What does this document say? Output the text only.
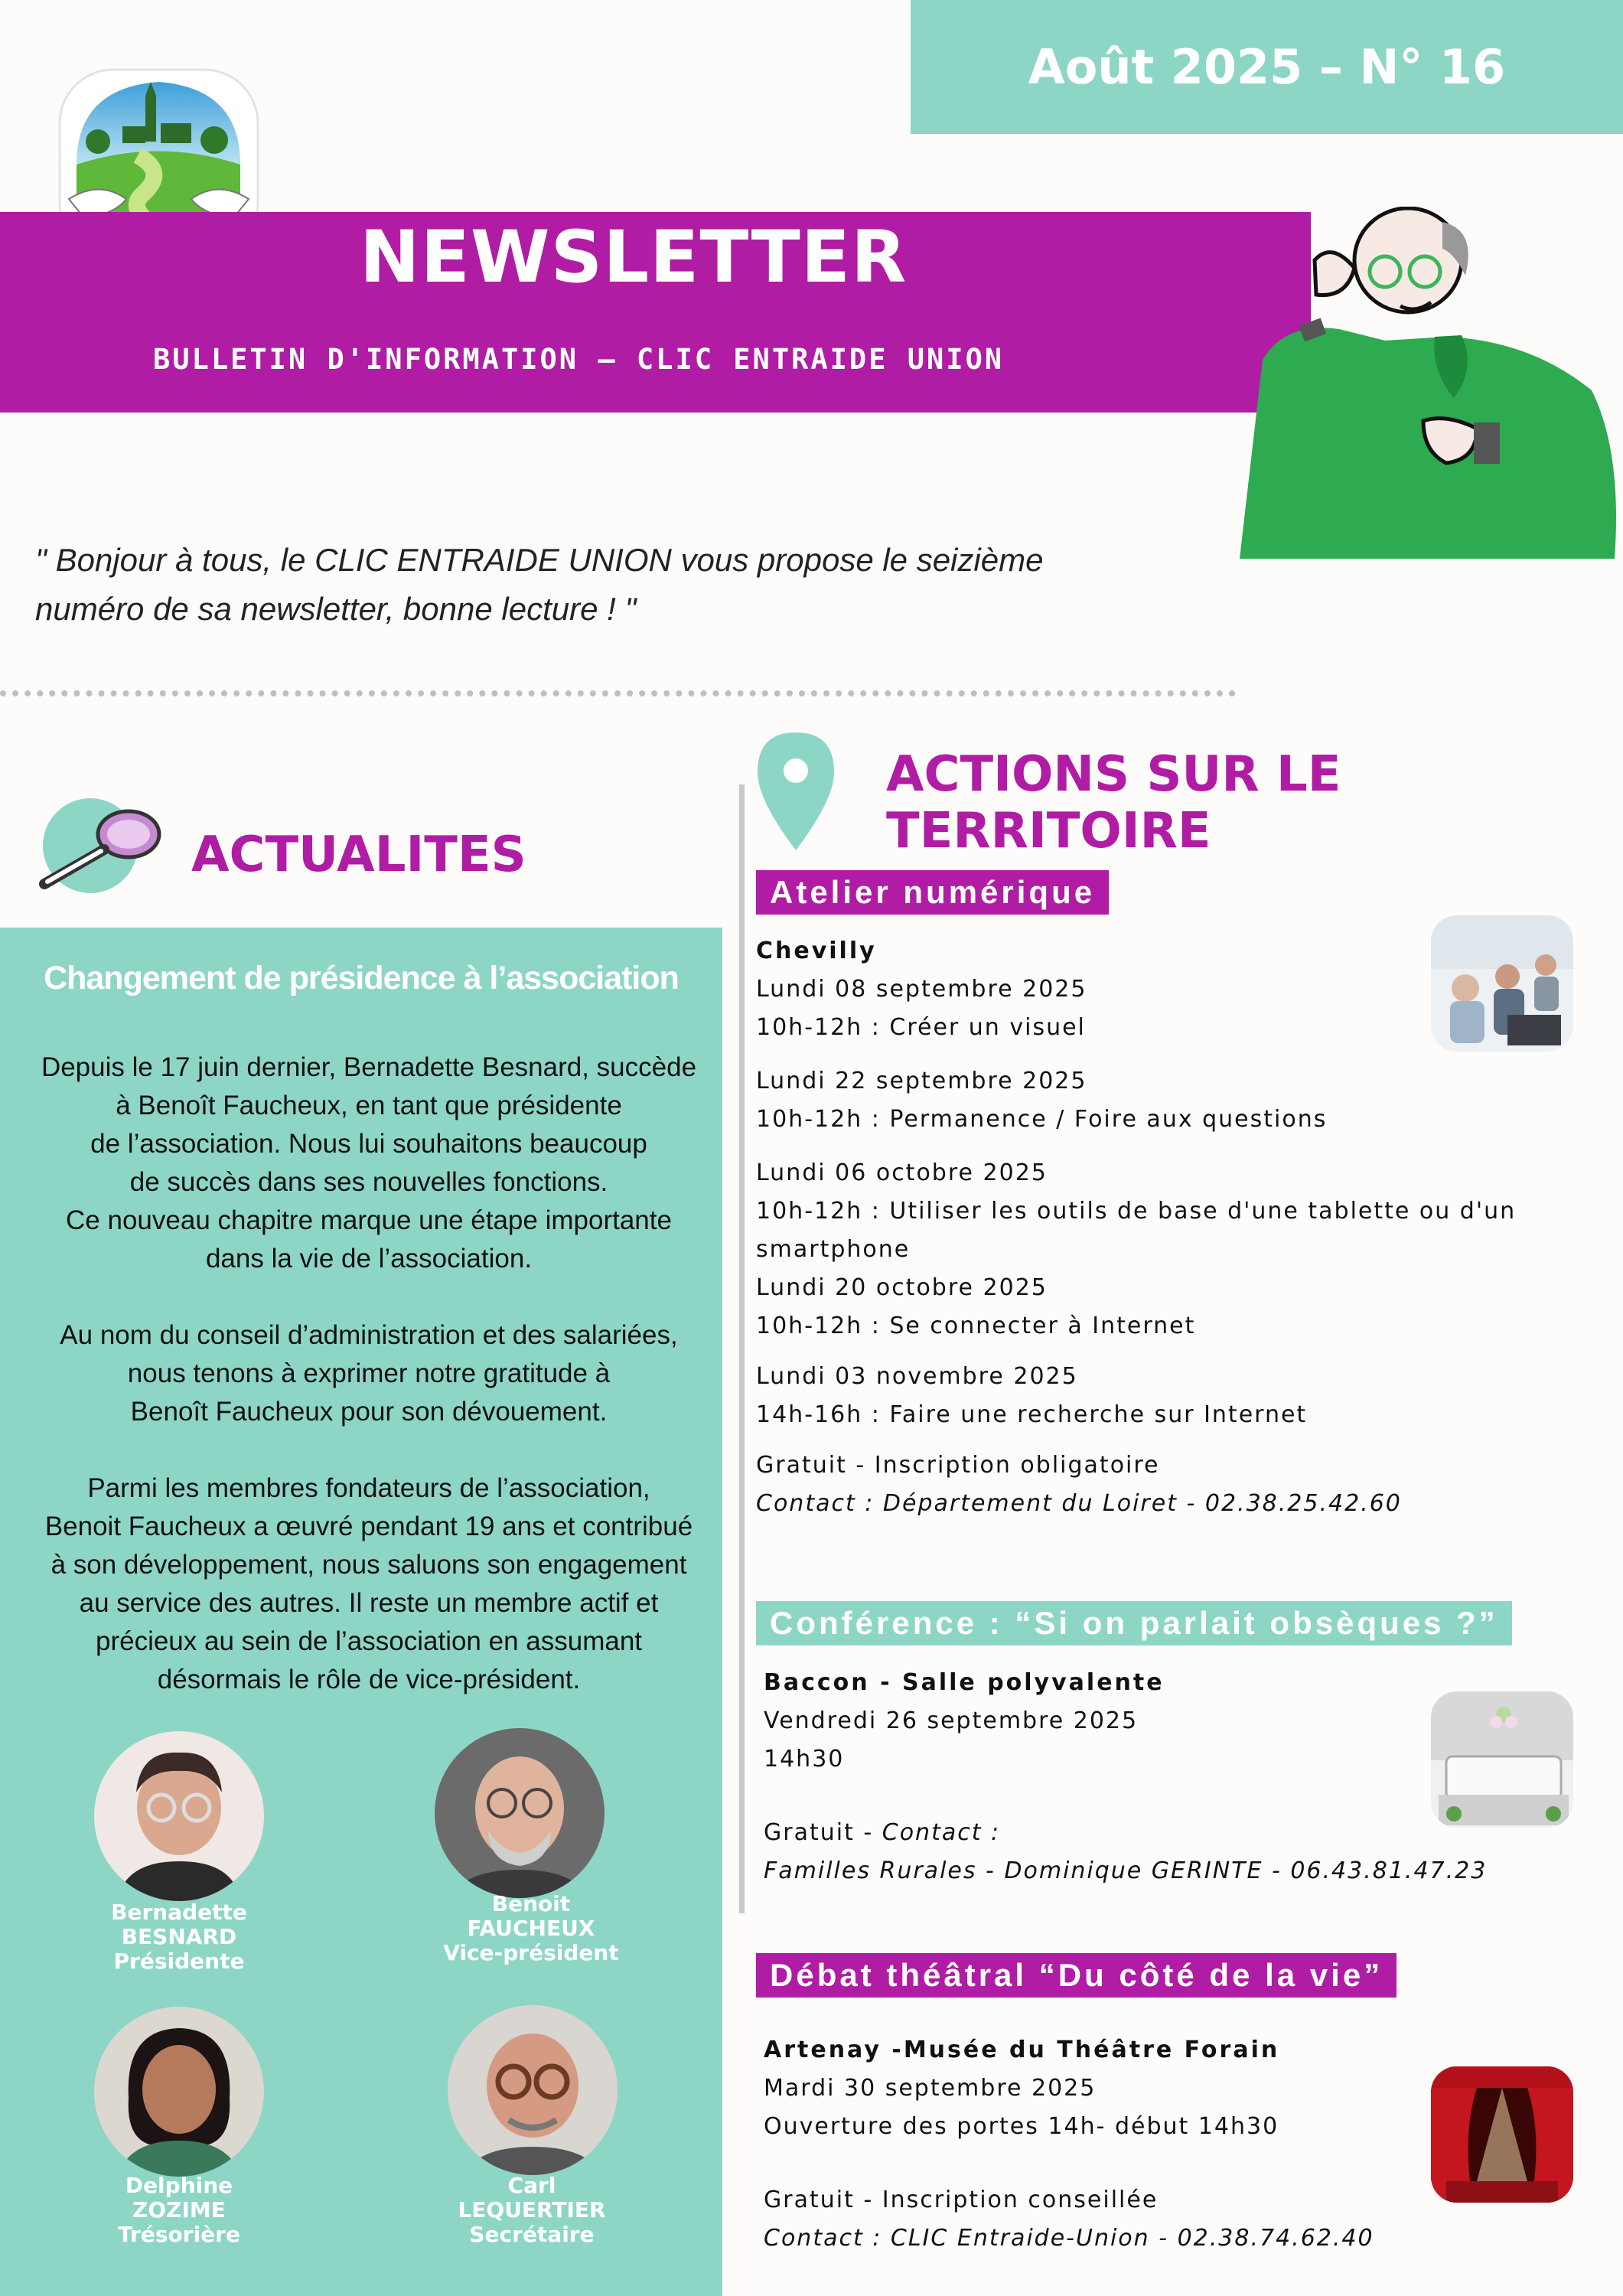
Août 2025 – N° 16
NEWSLETTER
BULLETIN D'INFORMATION – CLIC ENTRAIDE UNION
" Bonjour à tous, le CLIC ENTRAIDE UNION vous propose le seizième
numéro de sa newsletter, bonne lecture ! "
ACTUALITES
ACTIONS SUR LE TERRITOIRE
Changement de présidence à l’association

Depuis le 17 juin dernier, Bernadette Besnard, succède
à Benoît Faucheux, en tant que présidente
de l’association. Nous lui souhaitons beaucoup
de succès dans ses nouvelles fonctions.
Ce nouveau chapitre marque une étape importante
dans la vie de l’association.

Au nom du conseil d’administration et des salariées,
nous tenons à exprimer notre gratitude à
Benoît Faucheux pour son dévouement.

Parmi les membres fondateurs de l’association,
Benoit Faucheux a œuvré pendant 19 ans et contribué
à son développement, nous saluons son engagement
au service des autres. Il reste un membre actif et
précieux au sein de l’association en assumant
désormais le rôle de vice-président.

Bernadette
BESNARD
Présidente
Benoit
FAUCHEUX
Vice-président
Delphine
ZOZIME
Trésorière
Carl
LEQUERTIER
Secrétaire
Atelier numérique
Chevilly
Lundi 08 septembre 2025
10h-12h : Créer un visuel
Lundi 22 septembre 2025
10h-12h : Permanence / Foire aux questions
Lundi 06 octobre 2025
10h-12h : Utiliser les outils de base d'une tablette ou d'un
smartphone
Lundi 20 octobre 2025
10h-12h : Se connecter à Internet
Lundi 03 novembre 2025
14h-16h : Faire une recherche sur Internet
Gratuit - Inscription obligatoire
Contact : Département du Loiret - 02.38.25.42.60
Conférence : “Si on parlait obsèques ?”
Baccon - Salle polyvalente
Vendredi 26 septembre 2025
14h30
Gratuit - Contact :
Familles Rurales - Dominique GERINTE - 06.43.81.47.23
Débat théâtral “Du côté de la vie”
Artenay -Musée du Théâtre Forain
Mardi 30 septembre 2025
Ouverture des portes 14h- début 14h30
Gratuit - Inscription conseillée
Contact : CLIC Entraide-Union - 02.38.74.62.40
